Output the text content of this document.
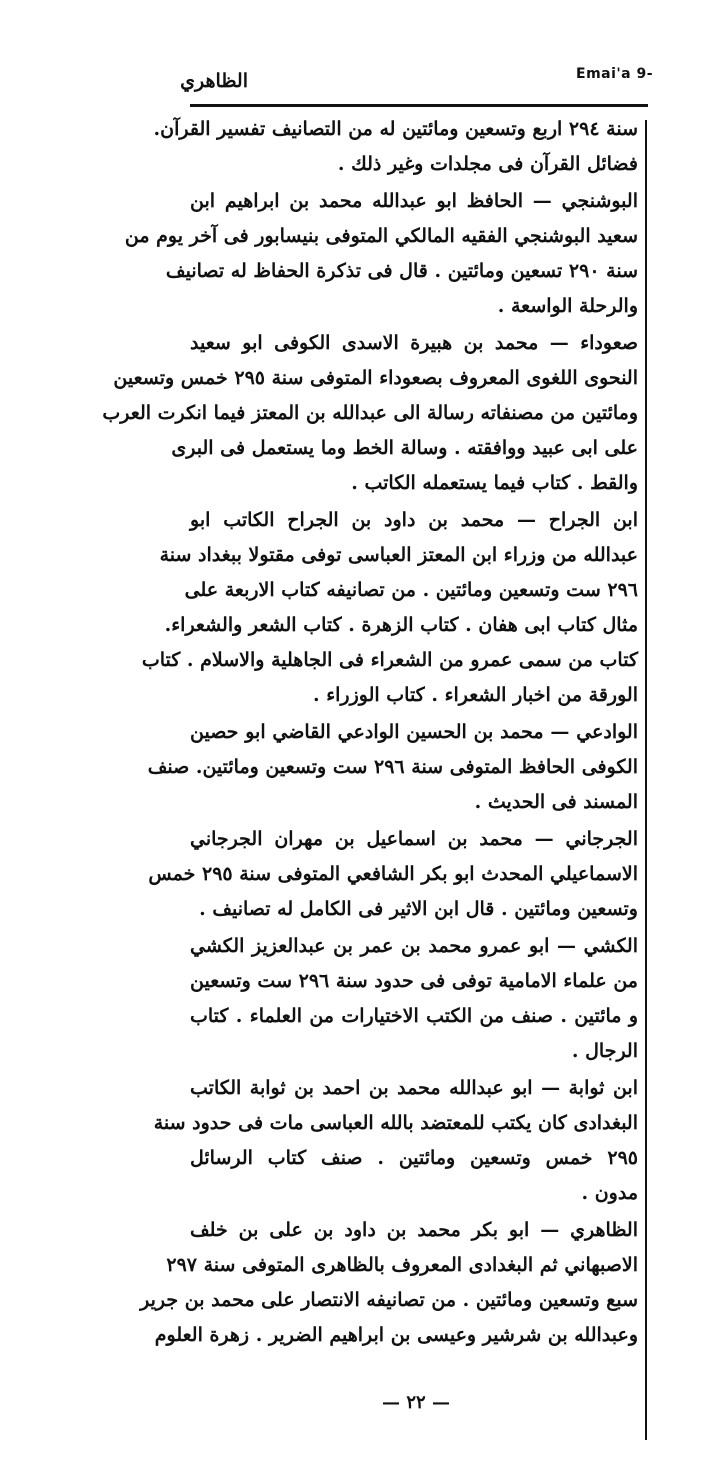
Emai'a 9-
الظاهري
سنة ٢٩٤ اربع وتسعين ومائتين له من التصانيف تفسير القرآن.
فضائل القرآن فى مجلدات وغير ذلك .
البوشنجي — الحافظ ابو عبدالله محمد بن ابراهيم ابن
سعيد البوشنجي الفقيه المالكي المتوفى بنيسابور فى آخر يوم من
سنة ٢٩٠ تسعين ومائتين . قال فى تذكرة الحفاظ له تصانيف
والرحلة الواسعة .
صعوداء — محمد بن هبيرة الاسدى الكوفى ابو سعيد
النحوى اللغوى المعروف بصعوداء المتوفى سنة ٢٩٥ خمس وتسعين
ومائتين من مصنفاته رسالة الى عبدالله بن المعتز فيما انكرت العرب
على ابى عبيد ووافقته . وسالة الخط وما يستعمل فى البرى
والقط . كتاب فيما يستعمله الكاتب .
ابن الجراح — محمد بن داود بن الجراح الكاتب ابو
عبدالله من وزراء ابن المعتز العباسى توفى مقتولا ببغداد سنة
٢٩٦ ست وتسعين ومائتين . من تصانيفه كتاب الاربعة على
مثال كتاب ابى هفان . كتاب الزهرة . كتاب الشعر والشعراء.
كتاب من سمى عمرو من الشعراء فى الجاهلية والاسلام . كتاب
الورقة من اخبار الشعراء . كتاب الوزراء .
الوادعي — محمد بن الحسين الوادعي القاضي ابو حصين
الكوفى الحافظ المتوفى سنة ٢٩٦ ست وتسعين ومائتين. صنف
المسند فى الحديث .
الجرجاني — محمد بن اسماعيل بن مهران الجرجاني
الاسماعيلي المحدث ابو بكر الشافعي المتوفى سنة ٢٩٥ خمس
وتسعين ومائتين . قال ابن الاثير فى الكامل له تصانيف .
الكشي — ابو عمرو محمد بن عمر بن عبدالعزيز الكشي
من علماء الامامية توفى فى حدود سنة ٢٩٦ ست وتسعين
و مائتين . صنف من الكتب الاختيارات من العلماء . كتاب
الرجال .
ابن ثوابة — ابو عبدالله محمد بن احمد بن ثوابة الكاتب
البغدادى كان يكتب للمعتضد بالله العباسى مات فى حدود سنة
٢٩٥ خمس وتسعين ومائتين . صنف كتاب الرسائل
مدون .
الظاهري — ابو بكر محمد بن داود بن على بن خلف
الاصبهاني ثم البغدادى المعروف بالظاهرى المتوفى سنة ٢٩٧
سبع وتسعين ومائتين . من تصانيفه الانتصار على محمد بن جرير
وعبدالله بن شرشير وعيسى بن ابراهيم الضرير . زهرة العلوم
— ٢٢ —
